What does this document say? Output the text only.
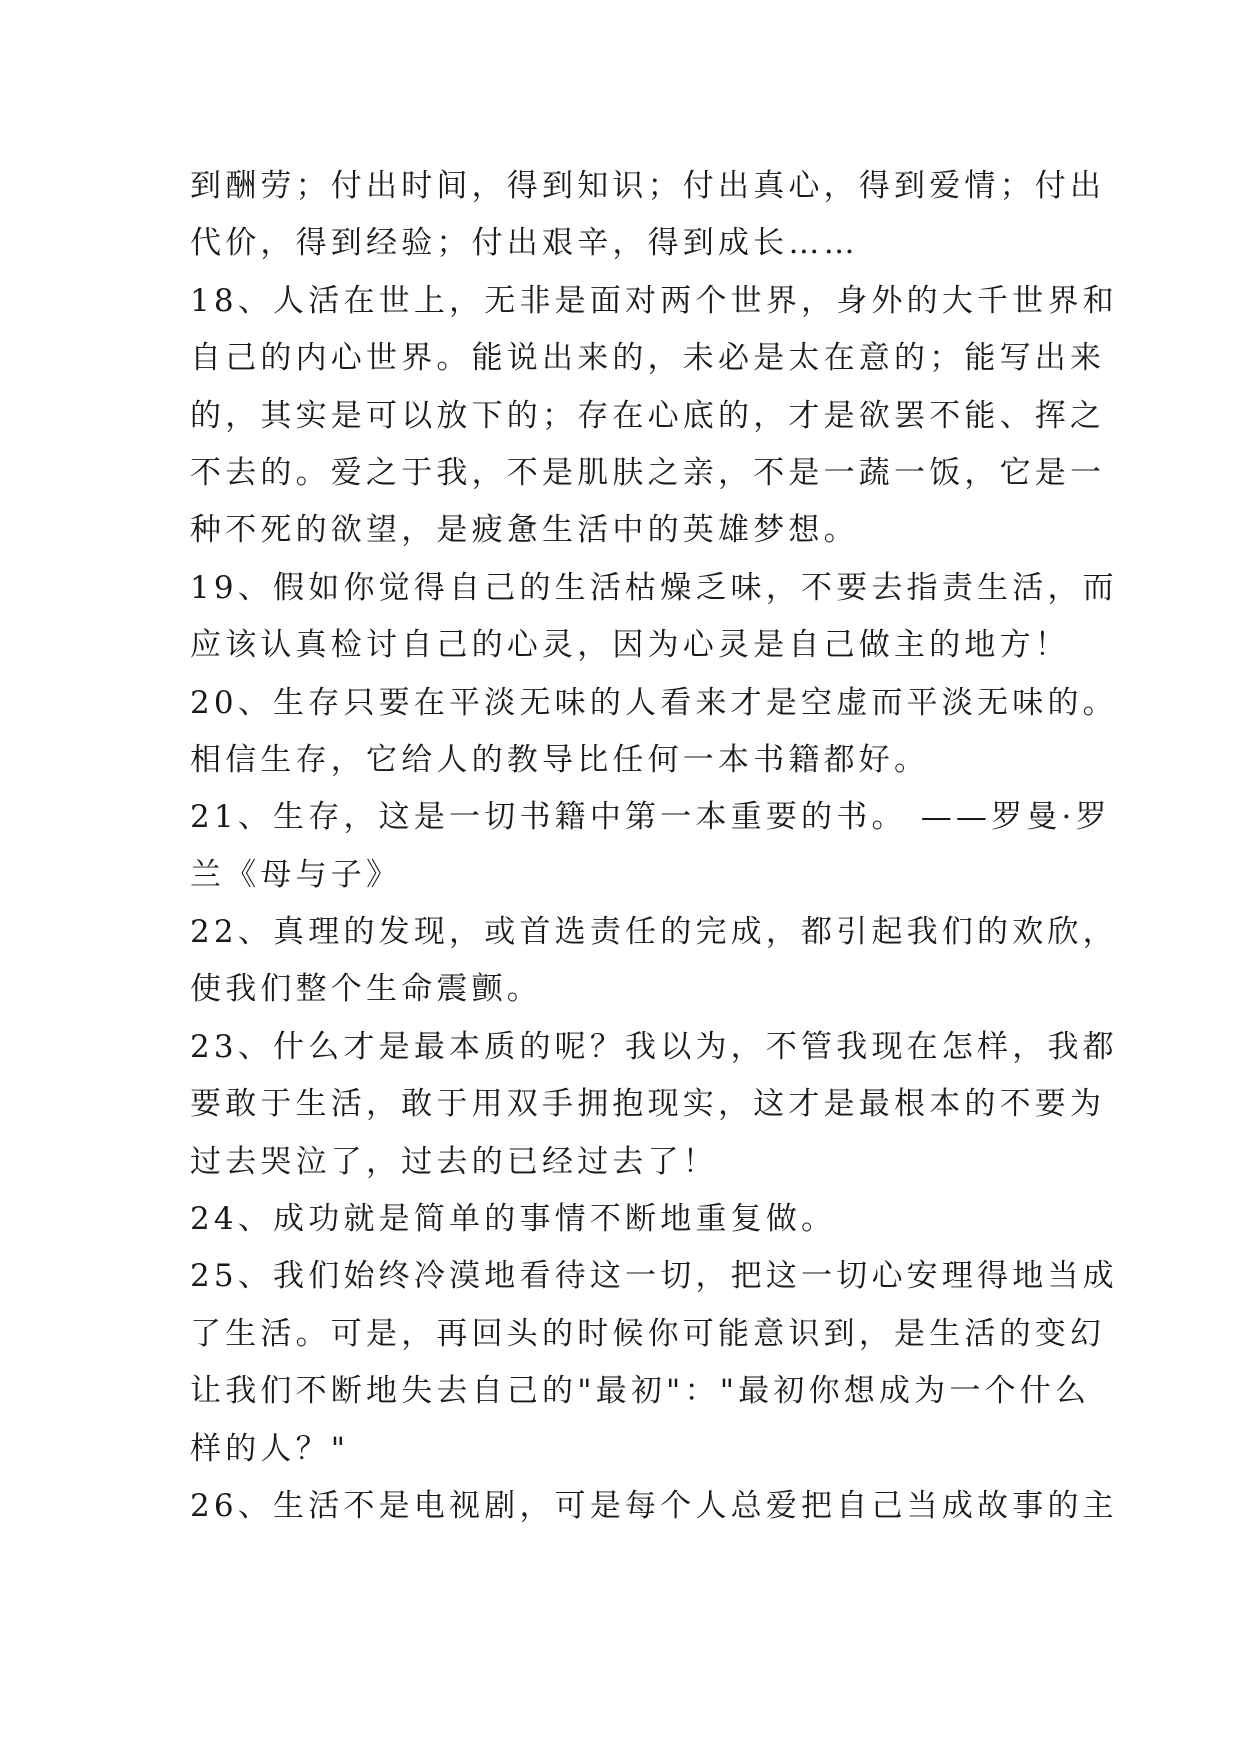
到酬劳；付出时间，得到知识；付出真心，得到爱情；付出
代价，得到经验；付出艰辛，得到成长……
18、人活在世上，无非是面对两个世界，身外的大千世界和
自己的内心世界。能说出来的，未必是太在意的；能写出来
的，其实是可以放下的；存在心底的，才是欲罢不能、挥之
不去的。爱之于我，不是肌肤之亲，不是一蔬一饭，它是一
种不死的欲望，是疲惫生活中的英雄梦想。
19、假如你觉得自己的生活枯燥乏味，不要去指责生活，而
应该认真检讨自己的心灵，因为心灵是自己做主的地方！
20、生存只要在平淡无味的人看来才是空虚而平淡无味的。
相信生存，它给人的教导比任何一本书籍都好。
21、生存，这是一切书籍中第一本重要的书。 ——罗曼·罗
兰《母与子》
22、真理的发现，或首选责任的完成，都引起我们的欢欣，
使我们整个生命震颤。
23、什么才是最本质的呢？我以为，不管我现在怎样，我都
要敢于生活，敢于用双手拥抱现实，这才是最根本的不要为
过去哭泣了，过去的已经过去了！
24、成功就是简单的事情不断地重复做。
25、我们始终冷漠地看待这一切，把这一切心安理得地当成
了生活。可是，再回头的时候你可能意识到，是生活的变幻
让我们不断地失去自己的"最初"："最初你想成为一个什么
样的人？"
26、生活不是电视剧，可是每个人总爱把自己当成故事的主
